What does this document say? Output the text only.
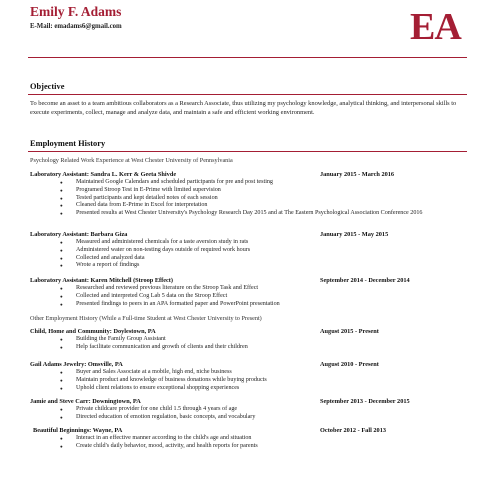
Emily F. Adams
E-Mail: emadams6@gmail.com	EA
Objective
To become an asset to a team ambitious collaborators as a Research Associate, thus utilizing my psychology knowledge, analytical thinking, and interpersonal skills to execute experiments, collect, manage and analyze data, and maintain a safe and efficient working environment.
Employment History
Psychology Related Work Experience at West Chester University of Pennsylvania
Laboratory Assistant: Sandra L. Kerr & Geeta Shivde	January 2015 - March 2016
● Maintained Google Calendars and scheduled participants for pre and post testing
● Programed Stroop Test in E-Prime with limited supervision
● Tested participants and kept detailed notes of each session
● Cleaned data from E-Prime in Excel for interpretation
● Presented results at West Chester University's Psychology Research Day 2015 and at The Eastern Psychological Association Conference 2016
Laboratory Assistant: Barbara Giza	January 2015 - May 2015
● Measured and administered chemicals for a taste aversion study in rats
● Administered water on non-testing days outside of required work hours
● Collected and analyzed data
● Wrote a report of findings
Laboratory Assistant: Karen Mitchell (Stroop Effect)	September 2014 - December 2014
● Researched and reviewed previous literature on the Stroop Task and Effect
● Collected and interpreted Cog Lab 5 data on the Stroop Effect
● Presented findings to peers in an APA formatted paper and PowerPoint presentation
Other Employment History (While a Full-time Student at West Chester University to Present)
Child, Home and Community: Doylestown, PA	August 2015 - Present
● Building the Family Group Assistant
● Help facilitate communication and growth of clients and their children
Gail Adams Jewelry: Omsville, PA	August 2010 - Present
● Buyer and Sales Associate at a mobile, high end, niche business
● Maintain product and knowledge of business donations while buying products
● Uphold client relations to ensure exceptional shopping experiences
Jamie and Steve Carr: Downingtown, PA	September 2013 - December 2015
● Private childcare provider for one child 1.5 through 4 years of age
● Directed education of emotion regulation, basic concepts, and vocabulary
Beautiful Beginnings: Wayne, PA	October 2012 - Fall 2013
● Interact in an effective manner according to the child's age and situation
● Create child's daily behavior, mood, activity, and health reports for parents
